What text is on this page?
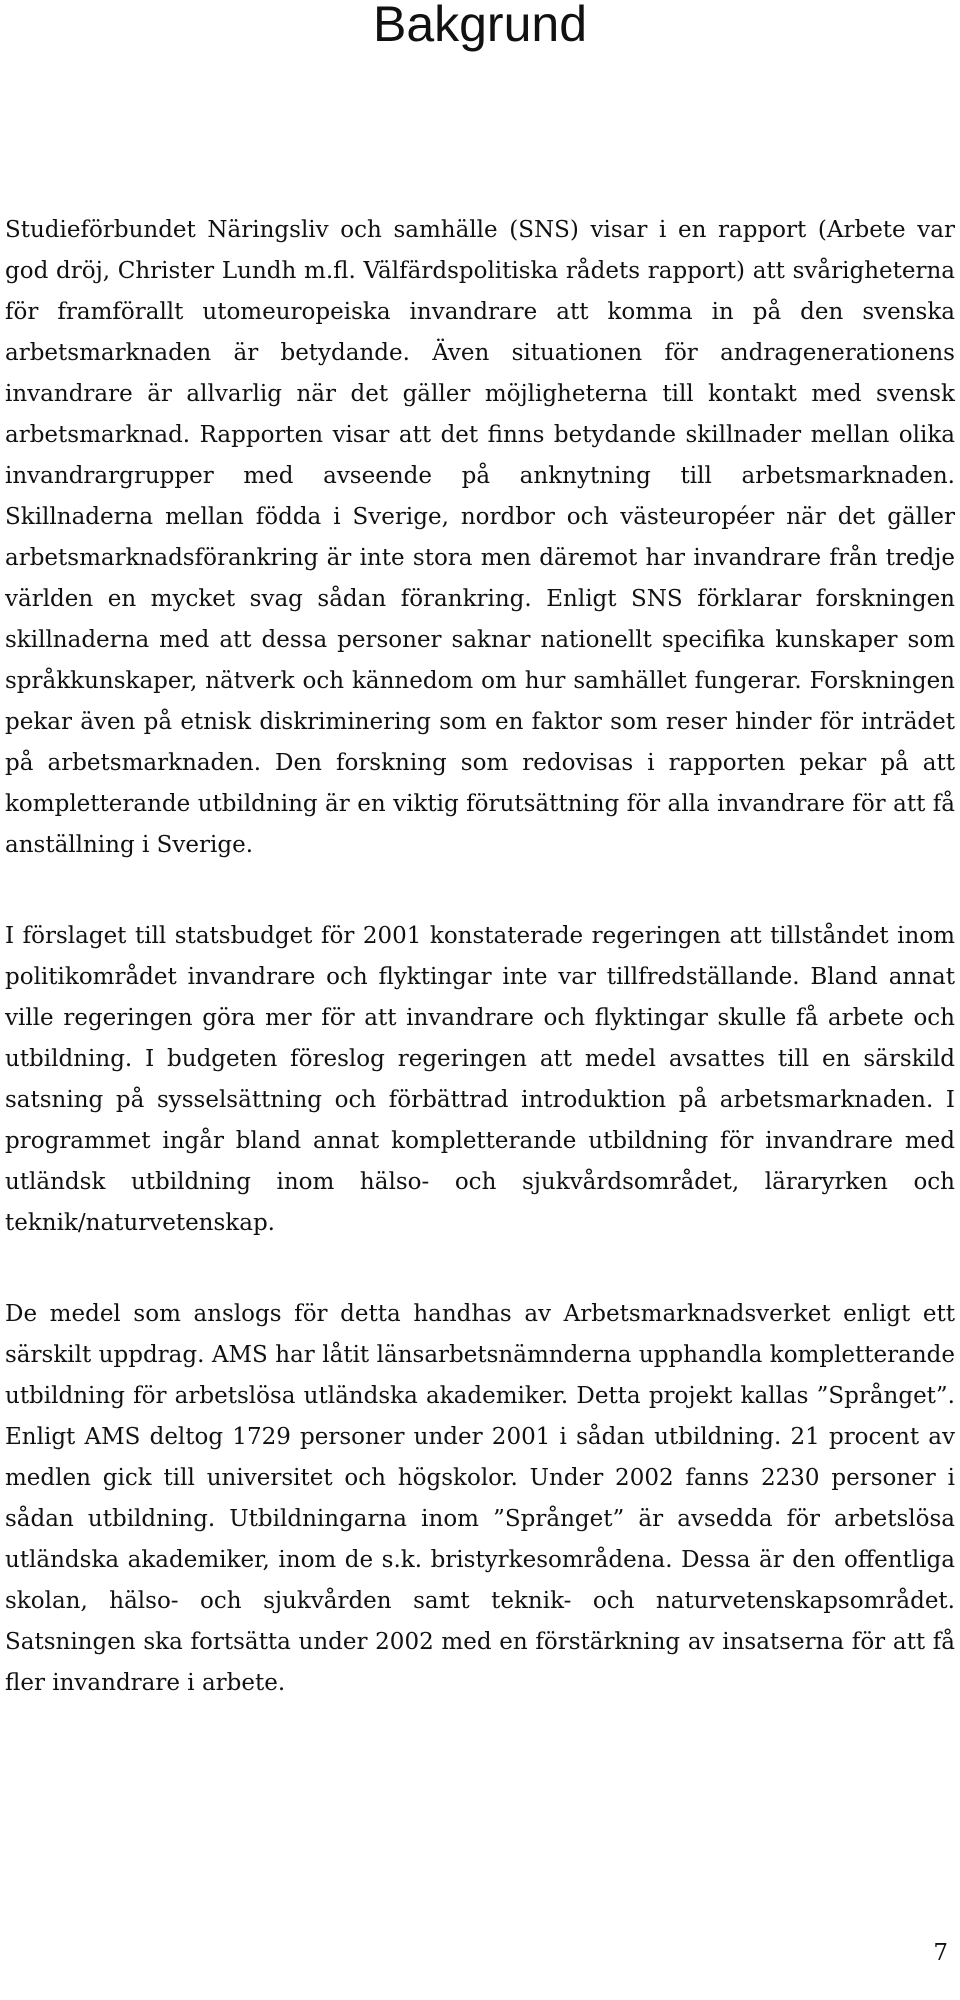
Bakgrund

Studieförbundet Näringsliv och samhälle (SNS) visar i en rapport (Arbete var god dröj, Christer Lundh m.fl. Välfärdspolitiska rådets rapport) att svårigheterna för framförallt utomeuropeiska invandrare att komma in på den svenska arbetsmarknaden är betydande. Även situationen för andragenerationens invandrare är allvarlig när det gäller möjligheterna till kontakt med svensk arbetsmarknad. Rapporten visar att det finns betydande skillnader mellan olika invandrargrupper med avseende på anknytning till arbetsmarknaden. Skillnaderna mellan födda i Sverige, nordbor och västeuropéer när det gäller arbetsmarknadsförankring är inte stora men däremot har invandrare från tredje världen en mycket svag sådan förankring. Enligt SNS förklarar forskningen skillnaderna med att dessa personer saknar nationellt specifika kunskaper som språkkunskaper, nätverk och kännedom om hur samhället fungerar. Forskningen pekar även på etnisk diskriminering som en faktor som reser hinder för inträdet på arbetsmarknaden. Den forskning som redovisas i rapporten pekar på att kompletterande utbildning är en viktig förutsättning för alla invandrare för att få anställning i Sverige.

I förslaget till statsbudget för 2001 konstaterade regeringen att tillståndet inom politikområdet invandrare och flyktingar inte var tillfredställande. Bland annat ville regeringen göra mer för att invandrare och flyktingar skulle få arbete och utbildning. I budgeten föreslog regeringen att medel avsattes till en särskild satsning på sysselsättning och förbättrad introduktion på arbetsmarknaden. I programmet ingår bland annat kompletterande utbildning för invandrare med utländsk utbildning inom hälso- och sjukvårdsområdet, läraryrken och teknik/naturvetenskap.

De medel som anslogs för detta handhas av Arbetsmarknadsverket enligt ett särskilt uppdrag. AMS har låtit länsarbetsnämnderna upphandla kompletterande utbildning för arbetslösa utländska akademiker. Detta projekt kallas ”Språnget”. Enligt AMS deltog 1729 personer under 2001 i sådan utbildning. 21 procent av medlen gick till universitet och högskolor. Under 2002 fanns 2230 personer i sådan utbildning. Utbildningarna inom ”Språnget” är avsedda för arbetslösa utländska akademiker, inom de s.k. bristyrkesområdena. Dessa är den offentliga skolan, hälso- och sjukvården samt teknik- och naturvetenskapsområdet. Satsningen ska fortsätta under 2002 med en förstärkning av insatserna för att få fler invandrare i arbete.

7
